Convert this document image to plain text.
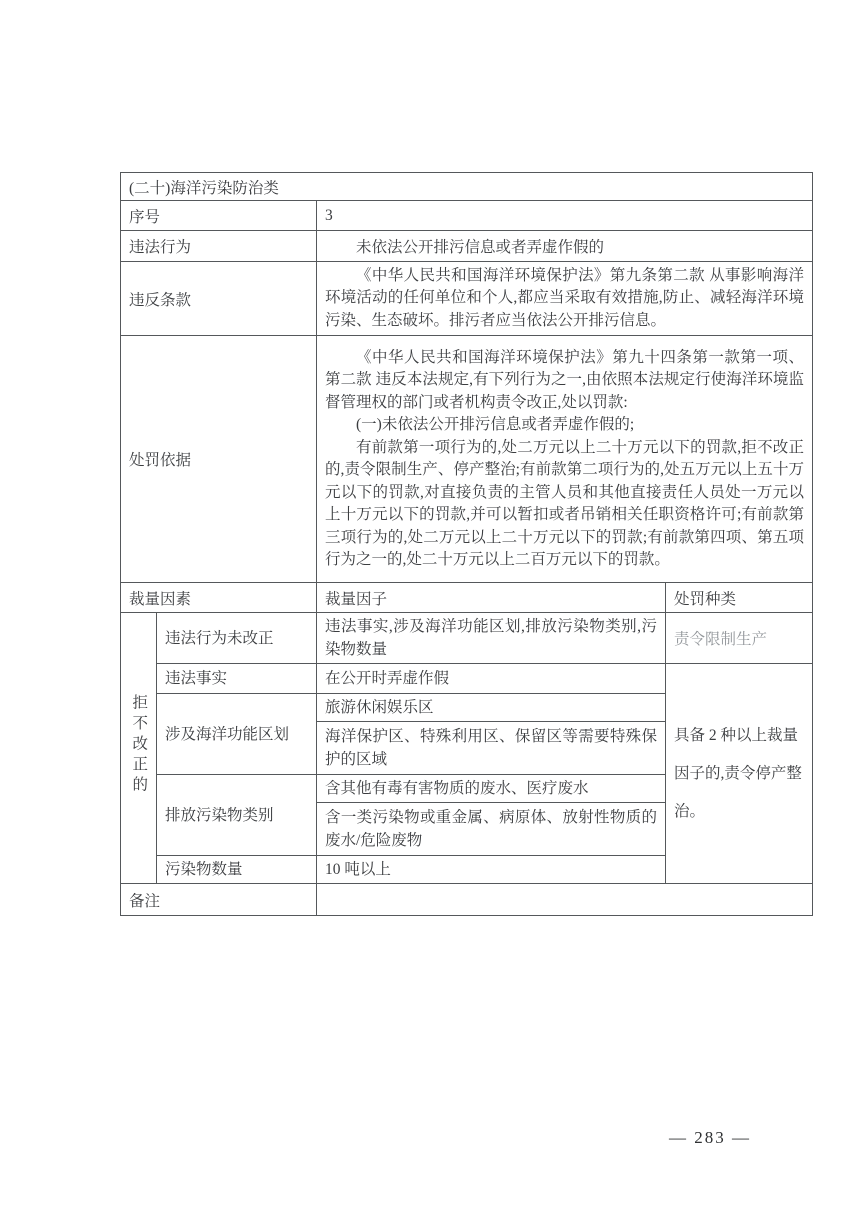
(二十)海洋污染防治类			
序号		3	
违法行为		未依法公开排污信息或者弄虚作假的	
违反条款		《中华人民共和国海洋环境保护法》第九条第二款 从事影响海洋环境活动的任何单位和个人,都应当采取有效措施,防止、减轻海洋环境污染、生态破坏。排污者应当依法公开排污信息。	

处罚依据		《中华人民共和国海洋环境保护法》第九十四条第一款第一项、第二款 违反本法规定,有下列行为之一,由依照本法规定行使海洋环境监督管理权的部门或者机构责令改正,处以罚款:

(一)未依法公开排污信息或者弄虚作假的;

有前款第一项行为的,处二万元以上二十万元以下的罚款,拒不改正的,责令限制生产、停产整治;有前款第二项行为的,处五万元以上五十万元以下的罚款,对直接负责的主管人员和其他直接责任人员处一万元以上十万元以下的罚款,并可以暂扣或者吊销相关任职资格许可;有前款第三项行为的,处二万元以上二十万元以下的罚款;有前款第四项、第五项行为之一的,处二十万元以上二百万元以下的罚款。	

裁量因素		裁量因子	处罚种类
拒不改正的	违法行为未改正	违法事实,涉及海洋功能区划,排放污染物类别,污染物数量	责令限制生产
	违法事实	在公开时弄虚作假	具备 2 种以上裁量因子的,责令停产整治。
	涉及海洋功能区划	旅游休闲娱乐区	
		海洋保护区、特殊利用区、保留区等需要特殊保护的区域	
	排放污染物类别	含其他有毒有害物质的废水、医疗废水	
		含一类污染物或重金属、病原体、放射性物质的废水/危险废物	
	污染物数量	10 吨以上	
备注			
— 283 —
